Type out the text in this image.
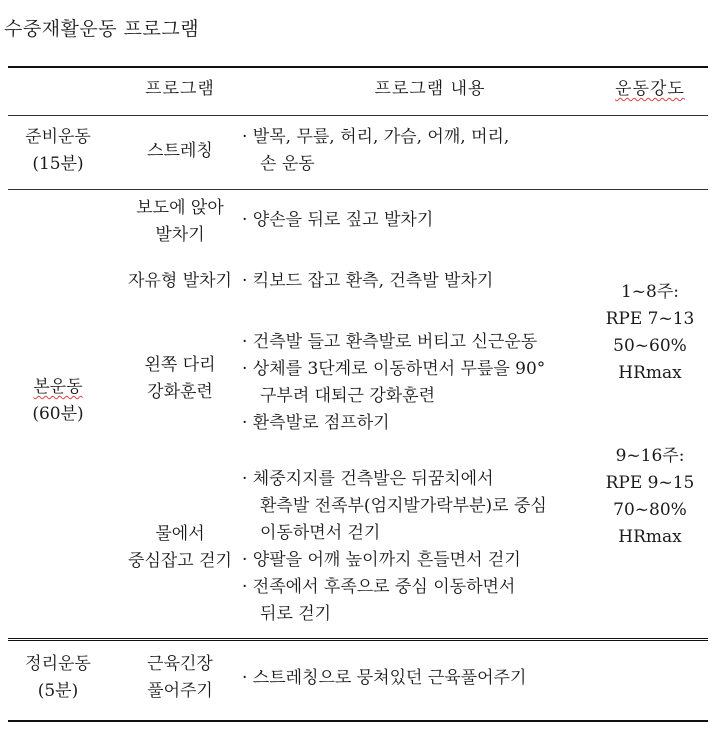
수중재활운동 프로그램
프로그램	프로그램 내용	운동강도
준비운동
(15분)
스트레칭
· 발목, 무릎, 허리, 가슴, 어깨, 머리,
손 운동
본운동
(60분)
보도에 앉아
발차기
· 양손을 뒤로 짚고 발차기
자유형 발차기 · 킥보드 잡고 환측, 건측발 발차기
왼쪽 다리
강화훈련
· 건측발 들고 환측발로 버티고 신근운동
· 상체를 3단계로 이동하면서 무릎을 90°
구부려 대퇴근 강화훈련
· 환측발로 점프하기
물에서
중심잡고 걷기
· 체중지지를 건측발은 뒤꿈치에서
환측발 전족부(엄지발가락부분)로 중심
이동하면서 걷기
· 양팔을 어깨 높이까지 흔들면서 걷기
· 전족에서 후족으로 중심 이동하면서
뒤로 걷기
1~8주:
RPE 7~13
50~60%
HRmax
9~16주:
RPE 9~15
70~80%
HRmax
정리운동
(5분)
근육긴장
풀어주기
· 스트레칭으로 뭉쳐있던 근육풀어주기
